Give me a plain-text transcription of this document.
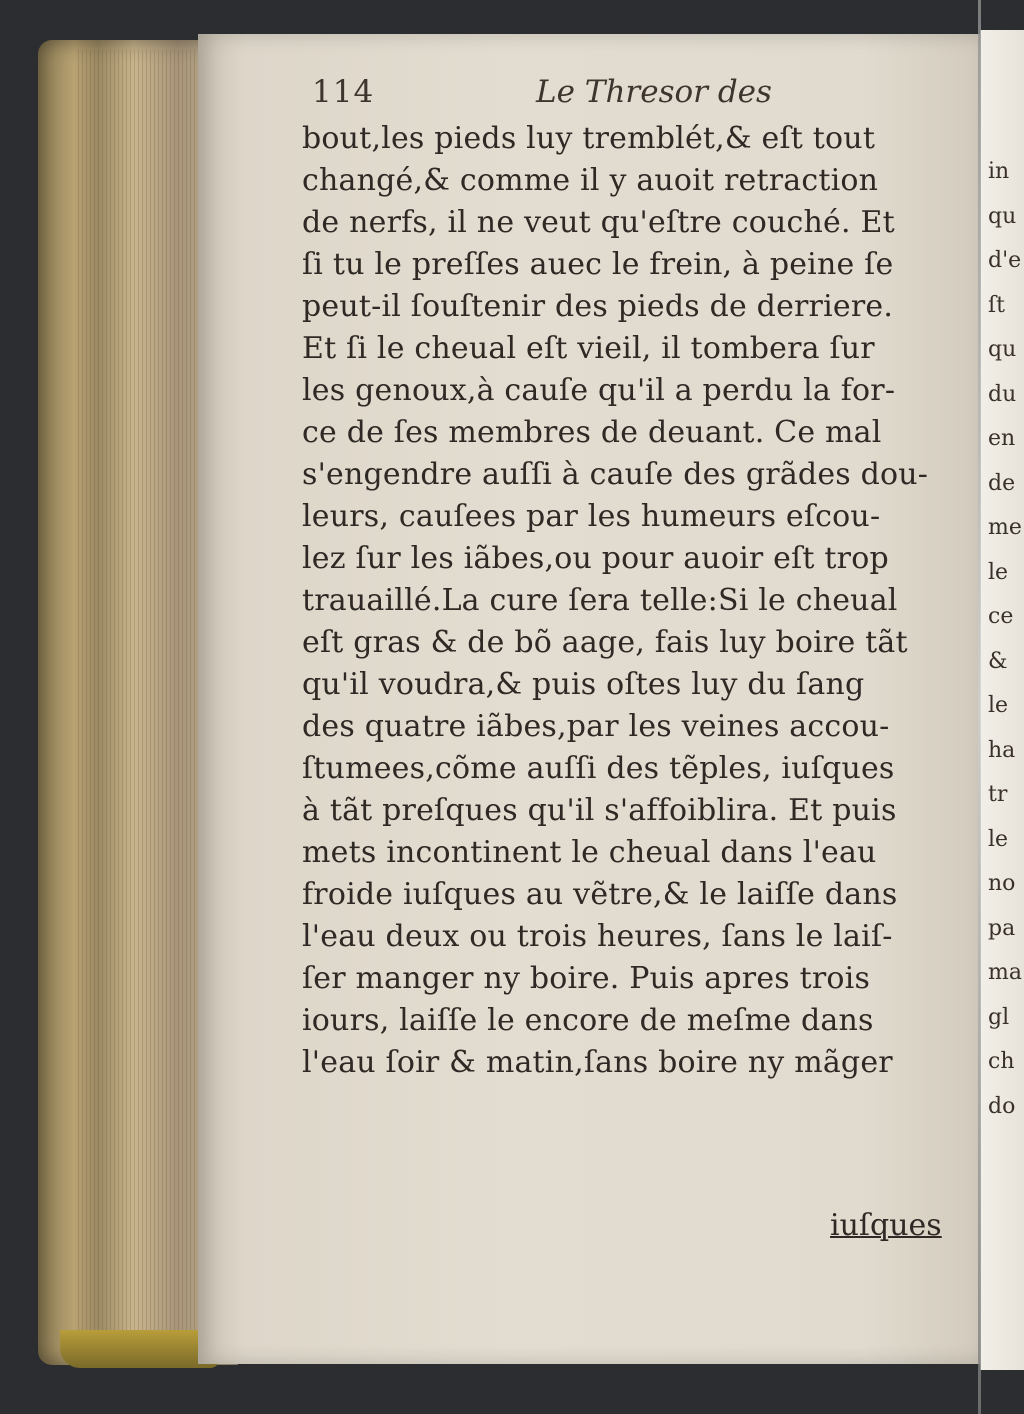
114	Le Thresor des
bout,les pieds luy tremblét,& eſt tout
changé,& comme il y auoit retraction
de nerfs, il ne veut qu'eſtre couché. Et
ſi tu le preſſes auec le frein, à peine ſe
peut-il ſouſtenir des pieds de derriere.
Et ſi le cheual eſt vieil, il tombera ſur
les genoux,à cauſe qu'il a perdu la for-
ce de ſes membres de deuant. Ce mal
s'engendre auſſi à cauſe des grãdes dou-
leurs, cauſees par les humeurs eſcou-
lez ſur les iãbes,ou pour auoir eſt trop
trauaillé.La cure ſera telle:Si le cheual
eſt gras & de bõ aage, fais luy boire tãt
qu'il voudra,& puis oſtes luy du ſang
des quatre iãbes,par les veines accou-
ſtumees,cõme auſſi des tẽples, iuſques
à tãt preſques qu'il s'affoiblira. Et puis
mets incontinent le cheual dans l'eau
froide iuſques au vẽtre,& le laiſſe dans
l'eau deux ou trois heures, ſans le laiſ-
ſer manger ny boire. Puis apres trois
iours, laiſſe le encore de meſme dans
l'eau ſoir & matin,ſans boire ny mãger
iuſques
in
qu
d'e
ſt
qu
du
en
de
me
le
ce
&
le
ha
tr
le
no
pa
ma
gl
ch
do
